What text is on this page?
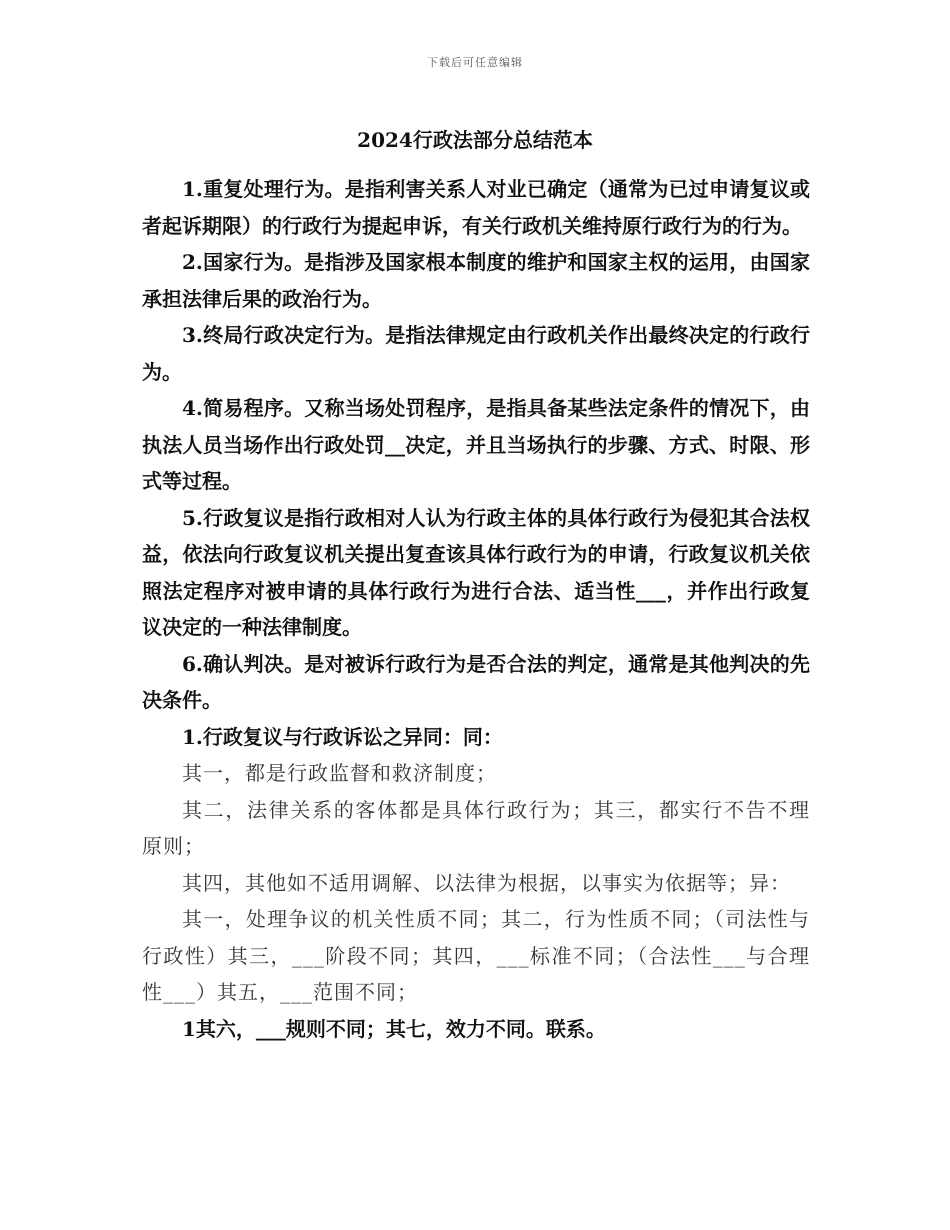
下载后可任意编辑
2024行政法部分总结范本

1.重复处理行为。是指利害关系人对业已确定（通常为已过申请复议或者起诉期限）的行政行为提起申诉，有关行政机关维持原行政行为的行为。

2.国家行为。是指涉及国家根本制度的维护和国家主权的运用，由国家承担法律后果的政治行为。

3.终局行政决定行为。是指法律规定由行政机关作出最终决定的行政行为。

4.简易程序。又称当场处罚程序，是指具备某些法定条件的情况下，由执法人员当场作出行政处罚__决定，并且当场执行的步骤、方式、时限、形式等过程。

5.行政复议是指行政相对人认为行政主体的具体行政行为侵犯其合法权益，依法向行政复议机关提出复查该具体行政行为的申请，行政复议机关依照法定程序对被申请的具体行政行为进行合法、适当性___，并作出行政复议决定的一种法律制度。

6.确认判决。是对被诉行政行为是否合法的判定，通常是其他判决的先决条件。

1.行政复议与行政诉讼之异同：同：

其一，都是行政监督和救济制度；

其二，法律关系的客体都是具体行政行为；其三，都实行不告不理原则；

其四，其他如不适用调解、以法律为根据，以事实为依据等；异：

其一，处理争议的机关性质不同；其二，行为性质不同；（司法性与行政性）其三，___阶段不同；其四，___标准不同；（合法性___与合理性___）其五，___范围不同；

1其六，___规则不同；其七，效力不同。联系。
